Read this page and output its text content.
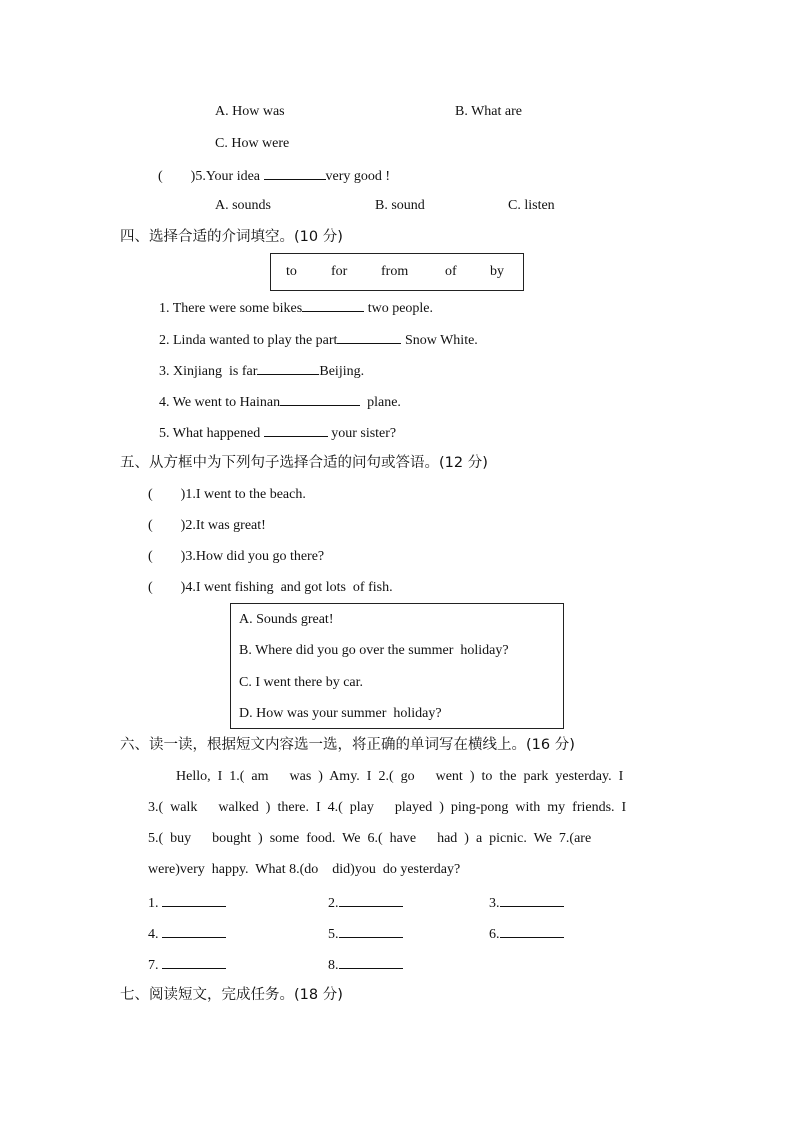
A. How was	B. What are
C. How were
(        )5.Your idea	very good !
A. sounds	B. sound	C. listen
四、选择合适的介词填空。(10 分)
to for from	of by
1. There were some bikes	two people.
2. Linda wanted to play the part	Snow White.
3. Xinjiang  is far	Beijing.
4. We went to Hainan	plane.
5. What happened	your sister?
五、从方框中为下列句子选择合适的问句或答语。(12 分)
(        )1.I went to the beach.
(        )2.It was great!
(        )3.How did you go there?
(        )4.I went fishing  and got lots  of fish.
A. Sounds great!
B. Where did you go over the summer  holiday?
C. I went there by car.
D. How was your summer  holiday?
六、读一读，根据短文内容选一选，将正确的单词写在横线上。(16 分)
Hello,  I  1.(  am      was  )  Amy.  I  2.(  go      went  )  to  the  park  yesterday.  I
3.(  walk      walked  )  there.  I  4.(  play      played  )  ping-pong  with  my  friends.  I
5.(  buy      bought  )  some  food.  We  6.(  have      had  )  a  picnic.  We  7.(are
were)very  happy.  What 8.(do    did)you  do yesterday?
1.	2.	3.
4.	5.	6.
7.	8.
七、阅读短文，完成任务。(18 分)
